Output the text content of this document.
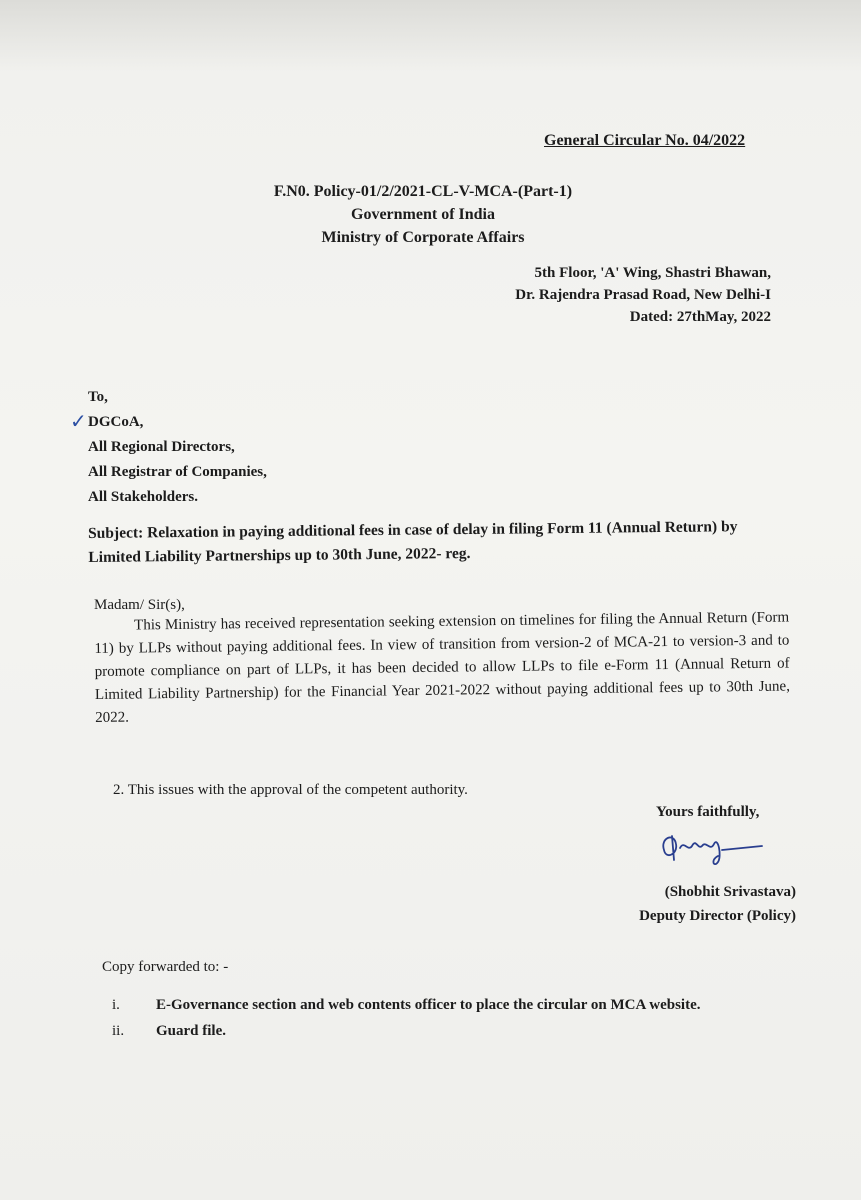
General Circular No. 04/2022
F.N0. Policy-01/2/2021-CL-V-MCA-(Part-1)
Government of India
Ministry of Corporate Affairs
5th Floor, 'A' Wing, Shastri Bhawan,
Dr. Rajendra Prasad Road, New Delhi-I
Dated: 27thMay, 2022
To,
✓ DGCoA,
All Regional Directors,
All Registrar of Companies,
All Stakeholders.
Subject: Relaxation in paying additional fees in case of delay in filing Form 11 (Annual Return) by Limited Liability Partnerships up to 30th June, 2022- reg.
Madam/ Sir(s),
This Ministry has received representation seeking extension on timelines for filing the Annual Return (Form 11) by LLPs without paying additional fees. In view of transition from version-2 of MCA-21 to version-3 and to promote compliance on part of LLPs, it has been decided to allow LLPs to file e-Form 11 (Annual Return of Limited Liability Partnership) for the Financial Year 2021-2022 without paying additional fees up to 30th June, 2022.
2. This issues with the approval of the competent authority.
Yours faithfully,
(Shobhit Srivastava)
Deputy Director (Policy)
Copy forwarded to: -
i.	E-Governance section and web contents officer to place the circular on MCA website.
ii.	Guard file.
